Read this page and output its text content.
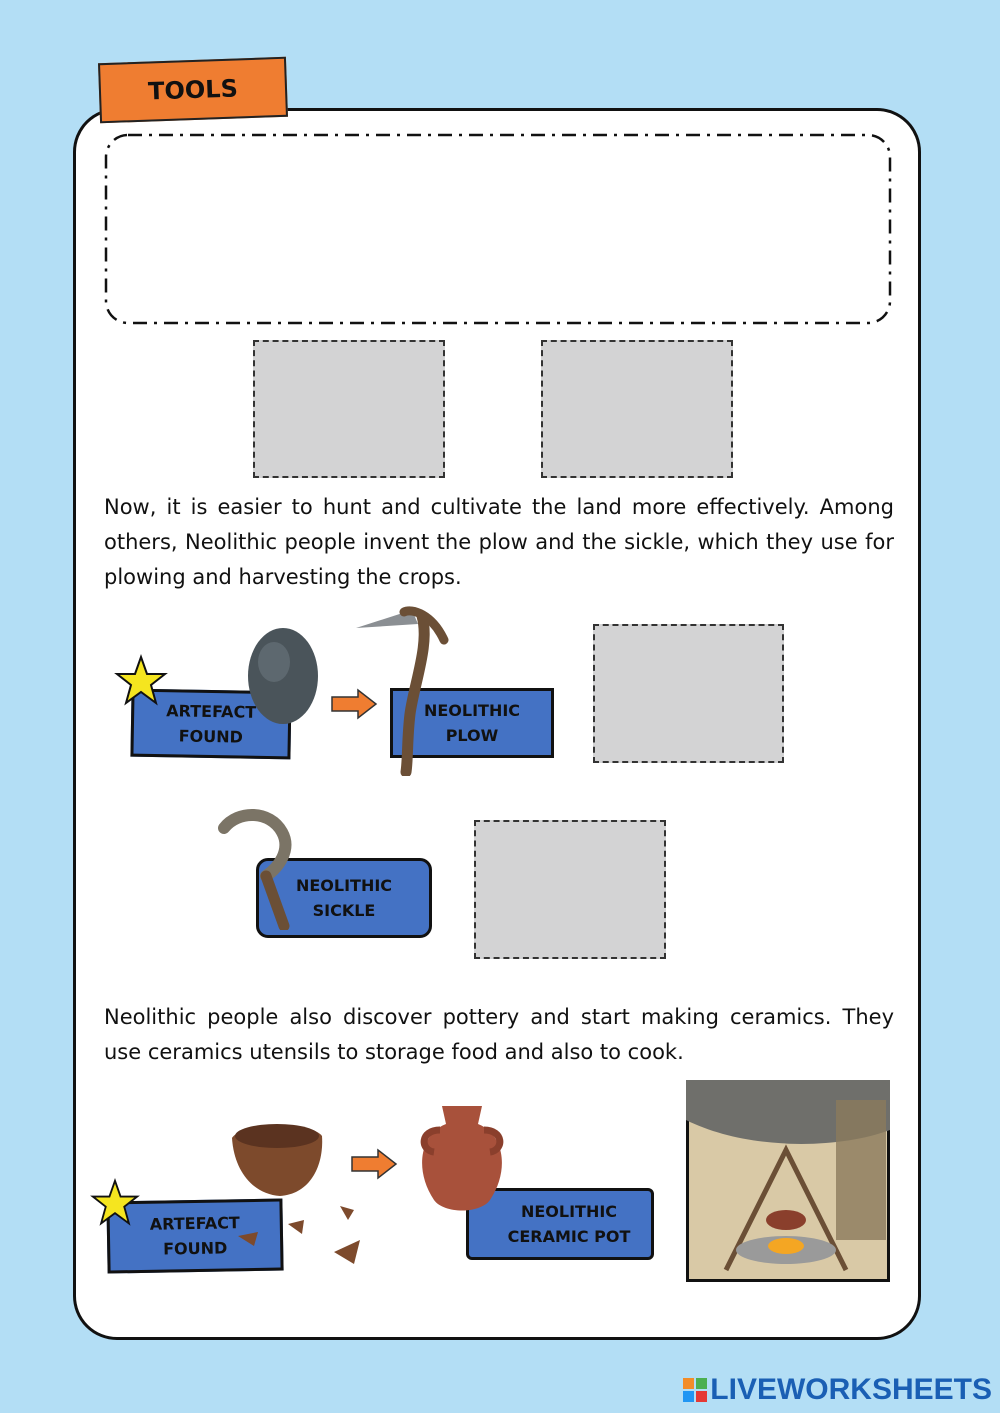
TOOLS

Now, it is easier to hunt and cultivate the land more effectively. Among others, Neolithic people invent the plow and the sickle, which they use for plowing and harvesting the crops.

ARTEFACT
FOUND
NEOLITHIC
PLOW
NEOLITHIC
SICKLE

Neolithic people also discover pottery and start making ceramics. They use ceramics utensils to storage food and also to cook.

ARTEFACT
FOUND
NEOLITHIC
CERAMIC POT
LIVEWORKSHEETS
